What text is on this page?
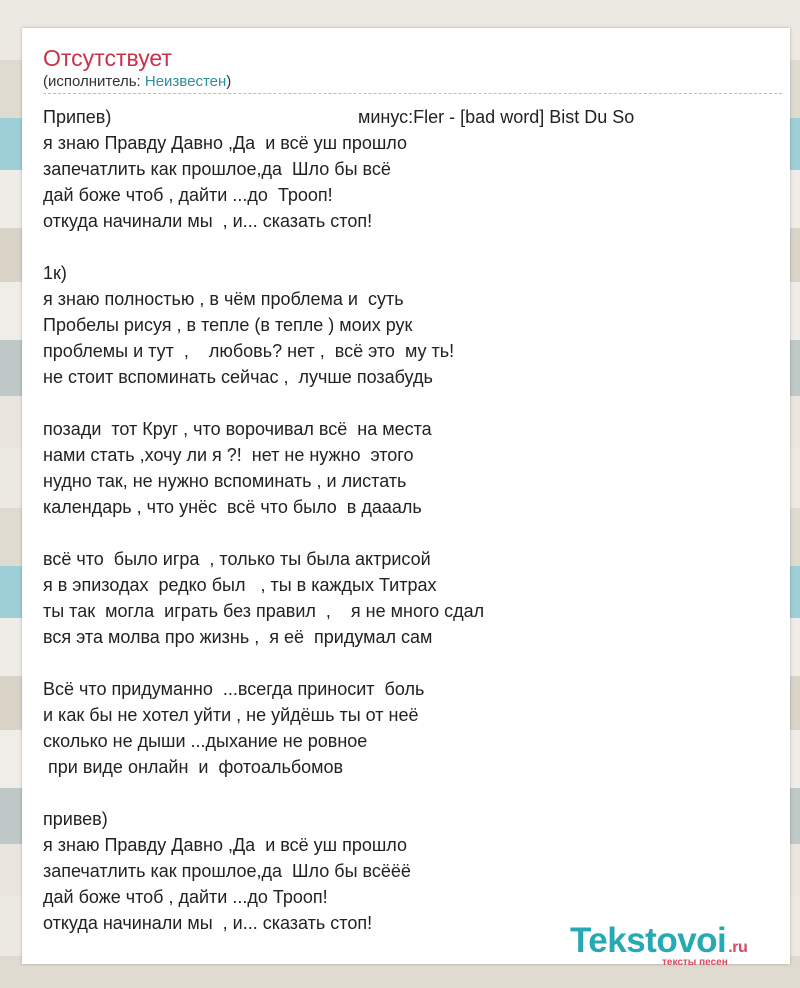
Отсутствует
(исполнитель: Неизвестен)
Припев)
я знаю Правду Давно ,Да  и всё уш прошло
запечатлить как прошлое,да  Шло бы всё
дай боже чтоб , дайти ...до  Трооп!
откуда начинали мы  , и... сказать стоп!
1к)
я знаю полностью , в чём проблема и  суть
Пробелы рисуя , в тепле (в тепле ) моих рук
проблемы и тут  ,    любовь? нет ,  всё это  му ть!
не стоит вспоминать сейчас ,  лучше позабудь
позади  тот Круг , что ворочивал всё  на места
нами стать ,хочу ли я ?!  нет не нужно  этого
нудно так, не нужно вспоминать , и листать
календарь , что унёс  всё что было  в даааль
всё что  было игра  , только ты была актрисой
я в эпизодах  редко был   , ты в каждых Титрах
ты так  могла  играть без правил  ,    я не много сдал
вся эта молва про жизнь ,  я её  придумал сам
Всё что придуманно  ...всегда приносит  боль
и как бы не хотел уйти , не уйдёшь ты от неё
сколько не дыши ...дыхание не ровное
при виде онлайн  и  фотоальбомов
привев)
я знаю Правду Давно ,Да  и всё уш прошло
запечатлить как прошлое,да  Шло бы всёёё
дай боже чтоб , дайти ...до Трооп!
откуда начинали мы  , и... сказать стоп!
минус:Fler - [bad word] Bist Du So
Tekstovoi .ru
тексты песен
